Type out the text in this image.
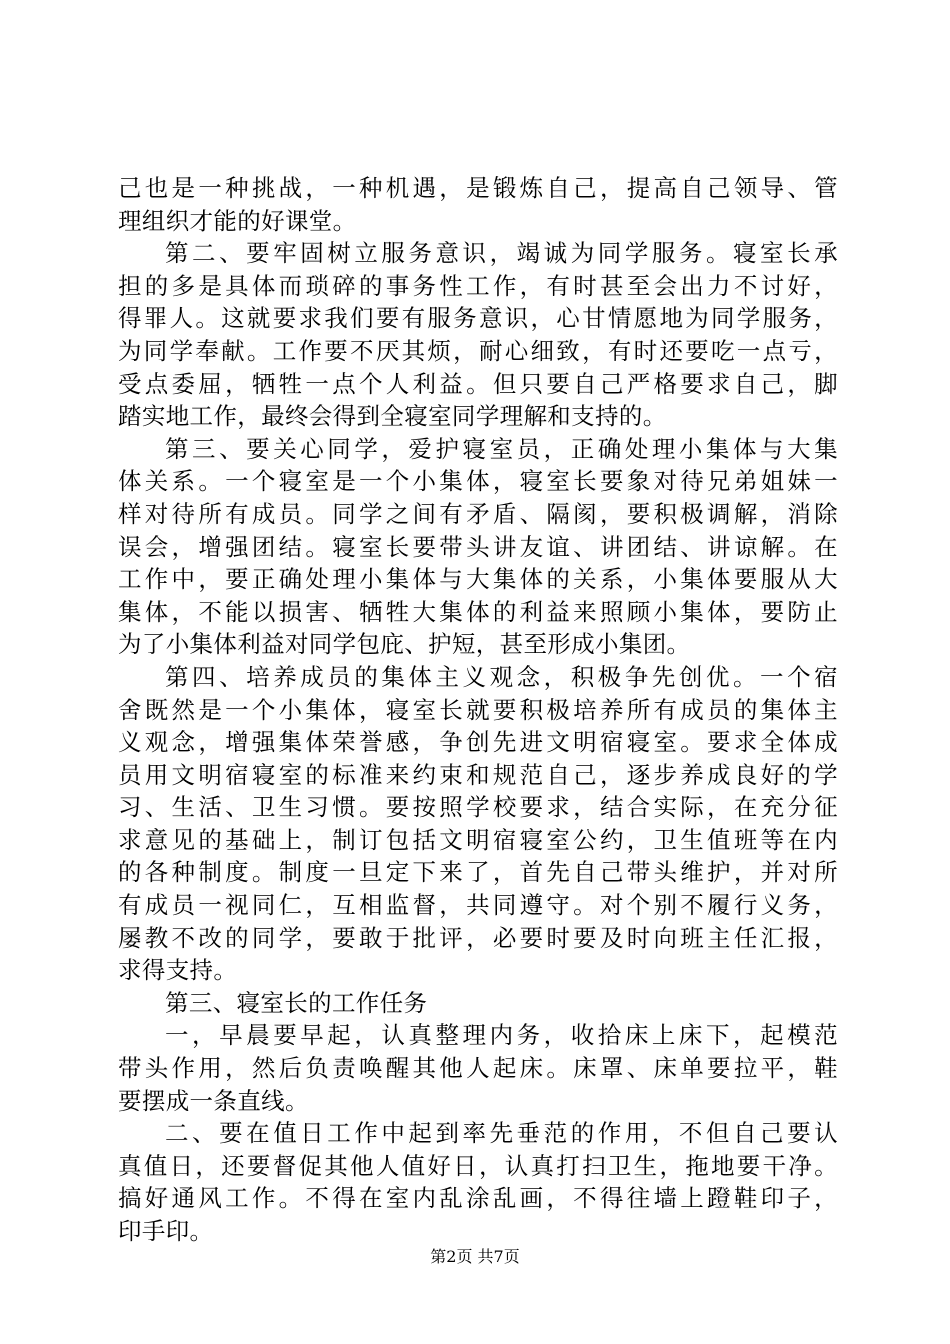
己也是一种挑战，一种机遇，是锻炼自己，提高自己领导、管
理组织才能的好课堂。
第二、要牢固树立服务意识，竭诚为同学服务。寝室长承
担的多是具体而琐碎的事务性工作，有时甚至会出力不讨好，
得罪人。这就要求我们要有服务意识，心甘情愿地为同学服务，
为同学奉献。工作要不厌其烦，耐心细致，有时还要吃一点亏，
受点委屈，牺牲一点个人利益。但只要自己严格要求自己，脚
踏实地工作，最终会得到全寝室同学理解和支持的。
第三、要关心同学，爱护寝室员，正确处理小集体与大集
体关系。一个寝室是一个小集体，寝室长要象对待兄弟姐妹一
样对待所有成员。同学之间有矛盾、隔阂，要积极调解，消除
误会，增强团结。寝室长要带头讲友谊、讲团结、讲谅解。在
工作中，要正确处理小集体与大集体的关系，小集体要服从大
集体，不能以损害、牺牲大集体的利益来照顾小集体，要防止
为了小集体利益对同学包庇、护短，甚至形成小集团。
第四、培养成员的集体主义观念，积极争先创优。一个宿
舍既然是一个小集体，寝室长就要积极培养所有成员的集体主
义观念，增强集体荣誉感，争创先进文明宿寝室。要求全体成
员用文明宿寝室的标准来约束和规范自己，逐步养成良好的学
习、生活、卫生习惯。要按照学校要求，结合实际，在充分征
求意见的基础上，制订包括文明宿寝室公约，卫生值班等在内
的各种制度。制度一旦定下来了，首先自己带头维护，并对所
有成员一视同仁，互相监督，共同遵守。对个别不履行义务，
屡教不改的同学，要敢于批评，必要时要及时向班主任汇报，
求得支持。
第三、寝室长的工作任务
一，早晨要早起，认真整理内务，收拾床上床下，起模范
带头作用，然后负责唤醒其他人起床。床罩、床单要拉平，鞋
要摆成一条直线。
二、要在值日工作中起到率先垂范的作用，不但自己要认
真值日，还要督促其他人值好日，认真打扫卫生，拖地要干净。
搞好通风工作。不得在室内乱涂乱画，不得往墙上蹬鞋印子，
印手印。
第2页 共7页
